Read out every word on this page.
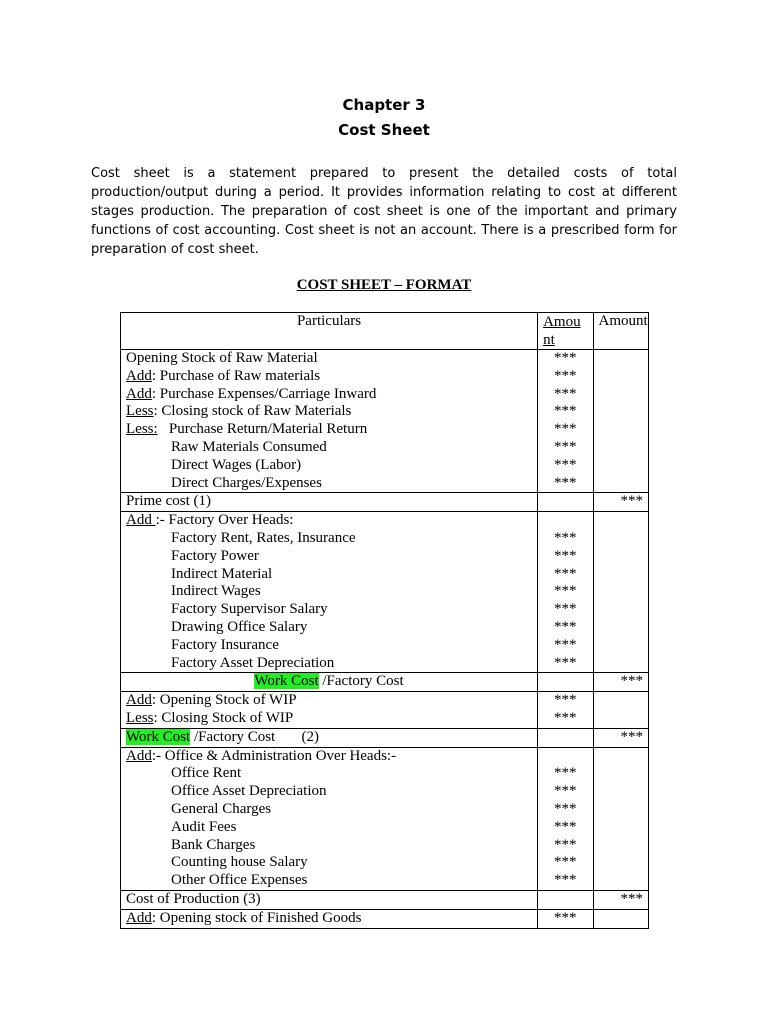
Chapter 3
Cost Sheet
Cost sheet is a statement prepared to present the detailed costs of total production/output during a period. It provides information relating to cost at different stages production. The preparation of cost sheet is one of the important and primary functions of cost accounting. Cost sheet is not an account. There is a prescribed form for preparation of cost sheet.
COST SHEET – FORMAT
Particulars	Amount	Amount
Opening Stock of Raw Material	***	
Add: Purchase of Raw materials	***	
Add: Purchase Expenses/Carriage Inward	***	
Less: Closing stock of Raw Materials	***	
Less:   Purchase Return/Material Return	***	
Raw Materials Consumed	***	
Direct Wages (Labor)	***	
Direct Charges/Expenses	***	
Prime cost (1)		***
Add :- Factory Over Heads:		
Factory Rent, Rates, Insurance	***	
Factory Power	***	
Indirect Material	***	
Indirect Wages	***	
Factory Supervisor Salary	***	
Drawing Office Salary	***	
Factory Insurance	***	
Factory Asset Depreciation	***	
Work Cost /Factory Cost		***
Add: Opening Stock of WIP	***	
Less: Closing Stock of WIP	***	
Work Cost /Factory Cost       (2)		***
Add:- Office & Administration Over Heads:-		
Office Rent	***	
Office Asset Depreciation	***	
General Charges	***	
Audit Fees	***	
Bank Charges	***	
Counting house Salary	***	
Other Office Expenses	***	
Cost of Production (3)		***
Add: Opening stock of Finished Goods	***	
